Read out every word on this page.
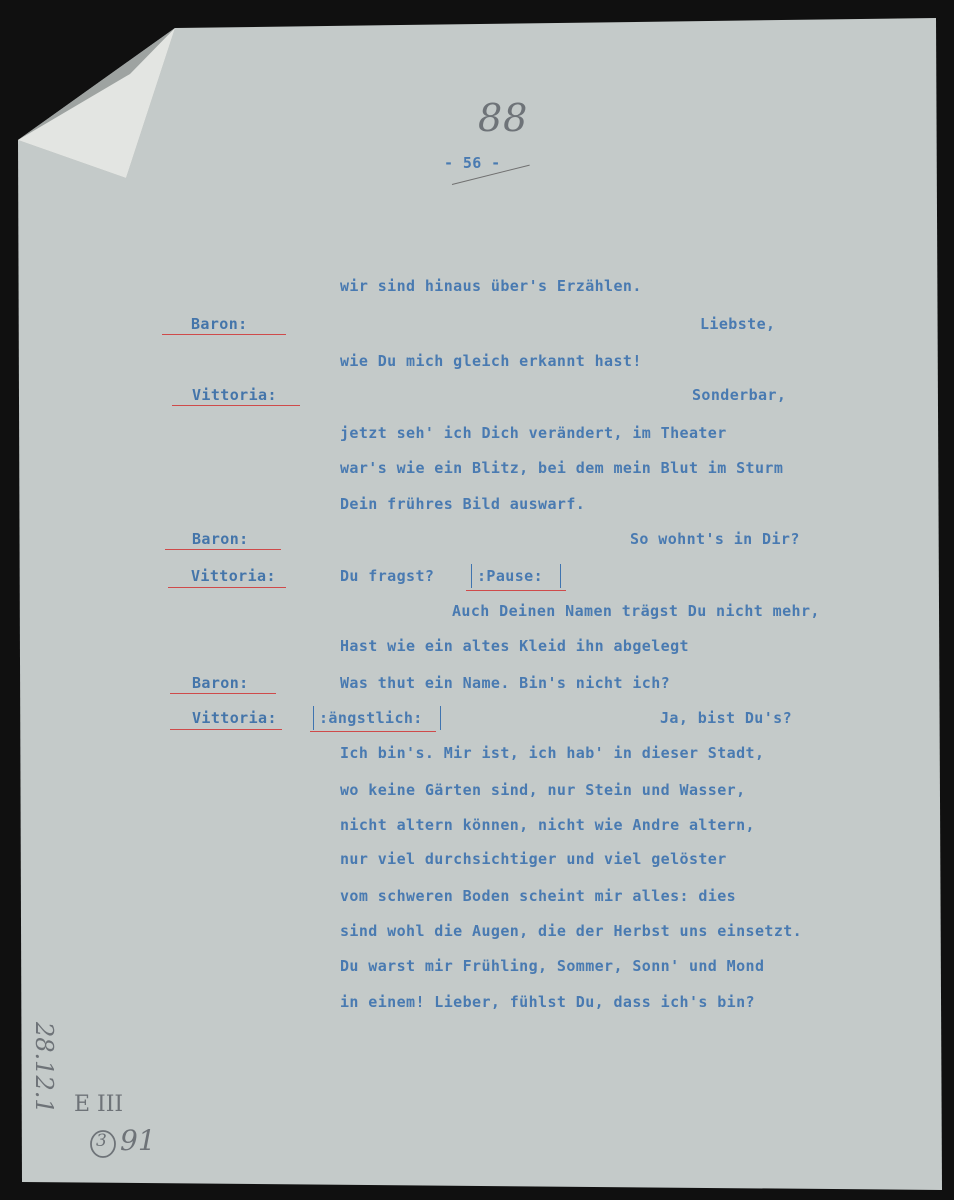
88
- 56 -
wir sind hinaus über's Erzählen.
Baron:	Liebste,
wie Du mich gleich erkannt hast!
Vittoria:	Sonderbar,
jetzt seh' ich Dich verändert, im Theater
war's wie ein Blitz, bei dem mein Blut im Sturm
Dein frühres Bild auswarf.
Baron:	So wohnt's in Dir?
Vittoria:	Du fragst?	:Pause:
Auch Deinen Namen trägst Du nicht mehr,
Hast wie ein altes Kleid ihn abgelegt
Baron:	Was thut ein Name. Bin's nicht ich?
Vittoria:	:ängstlich:	Ja, bist Du's?
Ich bin's. Mir ist, ich hab' in dieser Stadt,
wo keine Gärten sind, nur Stein und Wasser,
nicht altern können, nicht wie Andre altern,
nur viel durchsichtiger und viel gelöster
vom schweren Boden scheint mir alles: dies
sind wohl die Augen, die der Herbst uns einsetzt.
Du warst mir Frühling, Sommer, Sonn' und Mond
in einem! Lieber, fühlst Du, dass ich's bin?
28.12.1 E III
3 91
